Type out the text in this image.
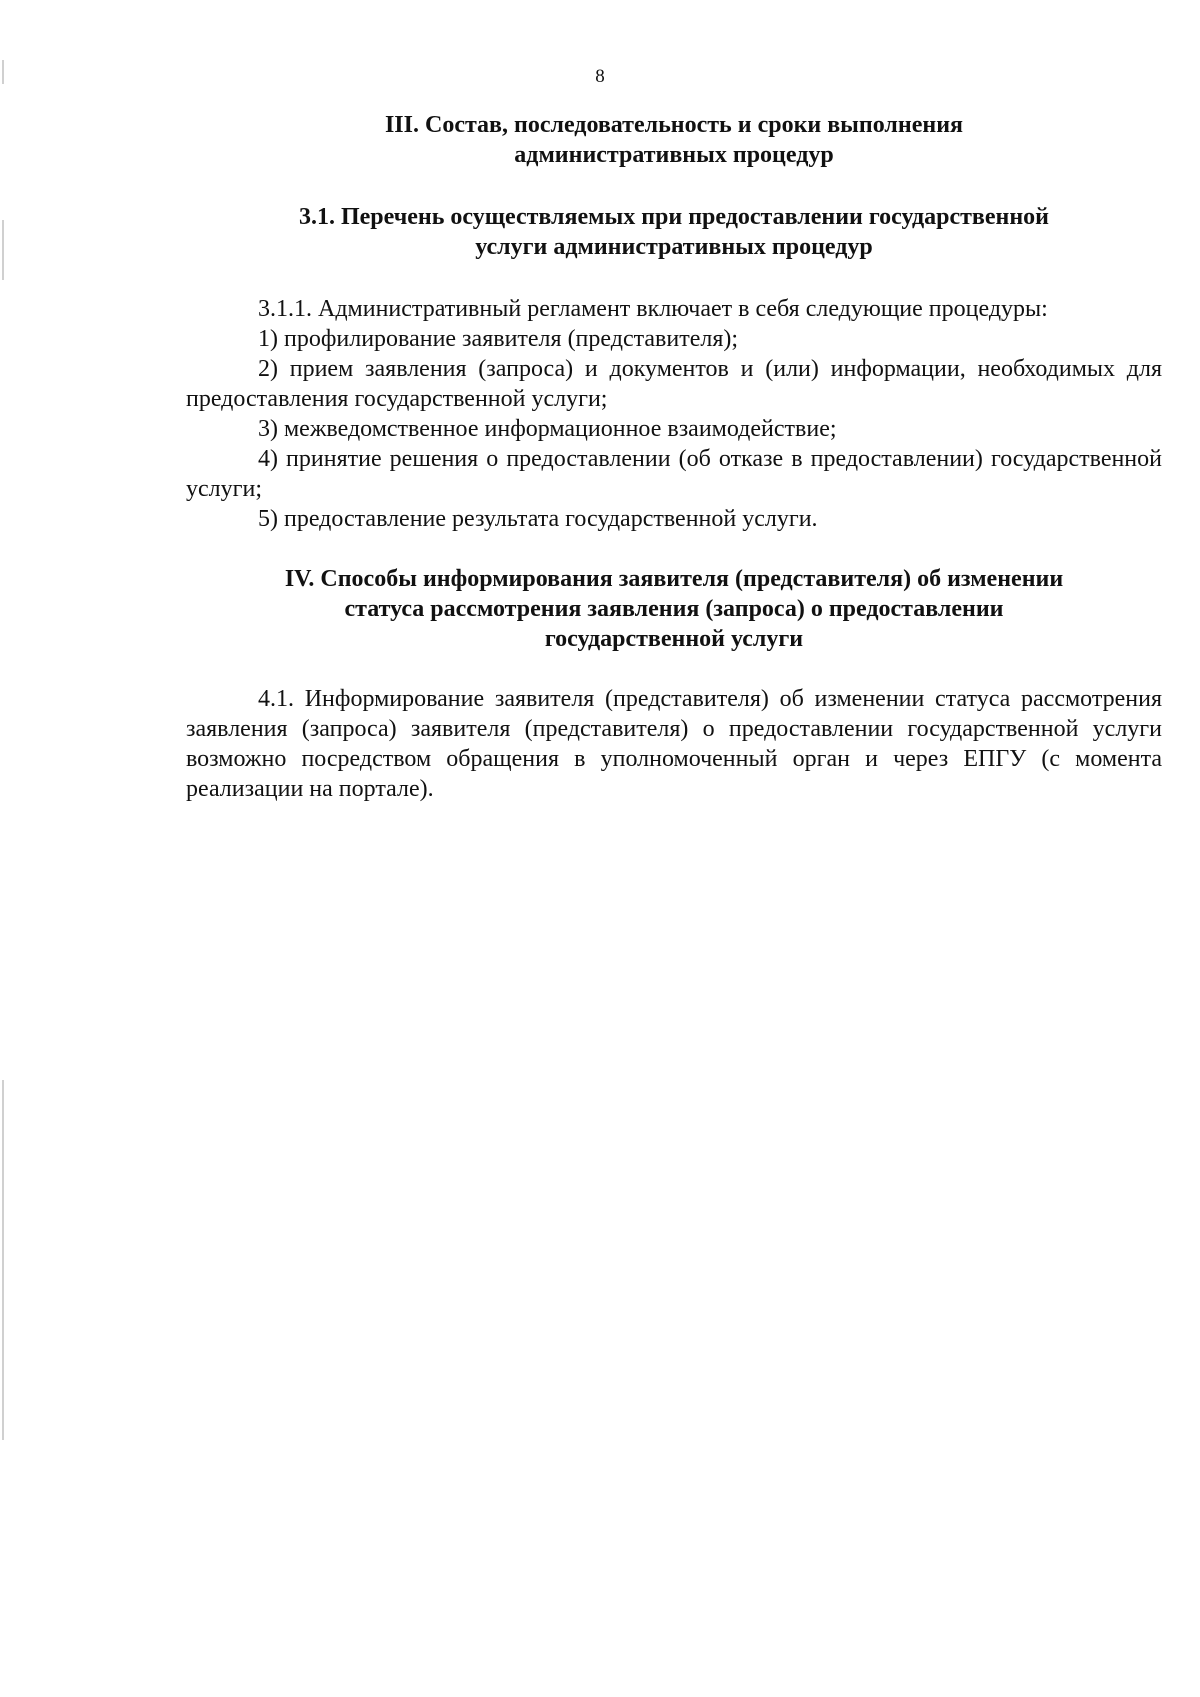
8
III. Состав, последовательность и сроки выполнения
административных процедур
3.1. Перечень осуществляемых при предоставлении государственной
услуги административных процедур

3.1.1. Административный регламент включает в себя следующие процедуры:

1) профилирование заявителя (представителя);

2) прием заявления (запроса) и документов и (или) информации, необходимых для предоставления государственной услуги;

3) межведомственное информационное взаимодействие;

4) принятие решения о предоставлении (об отказе в предоставлении) государственной услуги;

5) предоставление результата государственной услуги.

IV. Способы информирования заявителя (представителя) об изменении
статуса рассмотрения заявления (запроса) о предоставлении
государственной услуги

4.1. Информирование заявителя (представителя) об изменении статуса рассмотрения заявления (запроса) заявителя (представителя) о предоставлении государственной услуги возможно посредством обращения в уполномоченный орган и через ЕПГУ (с момента реализации на портале).
